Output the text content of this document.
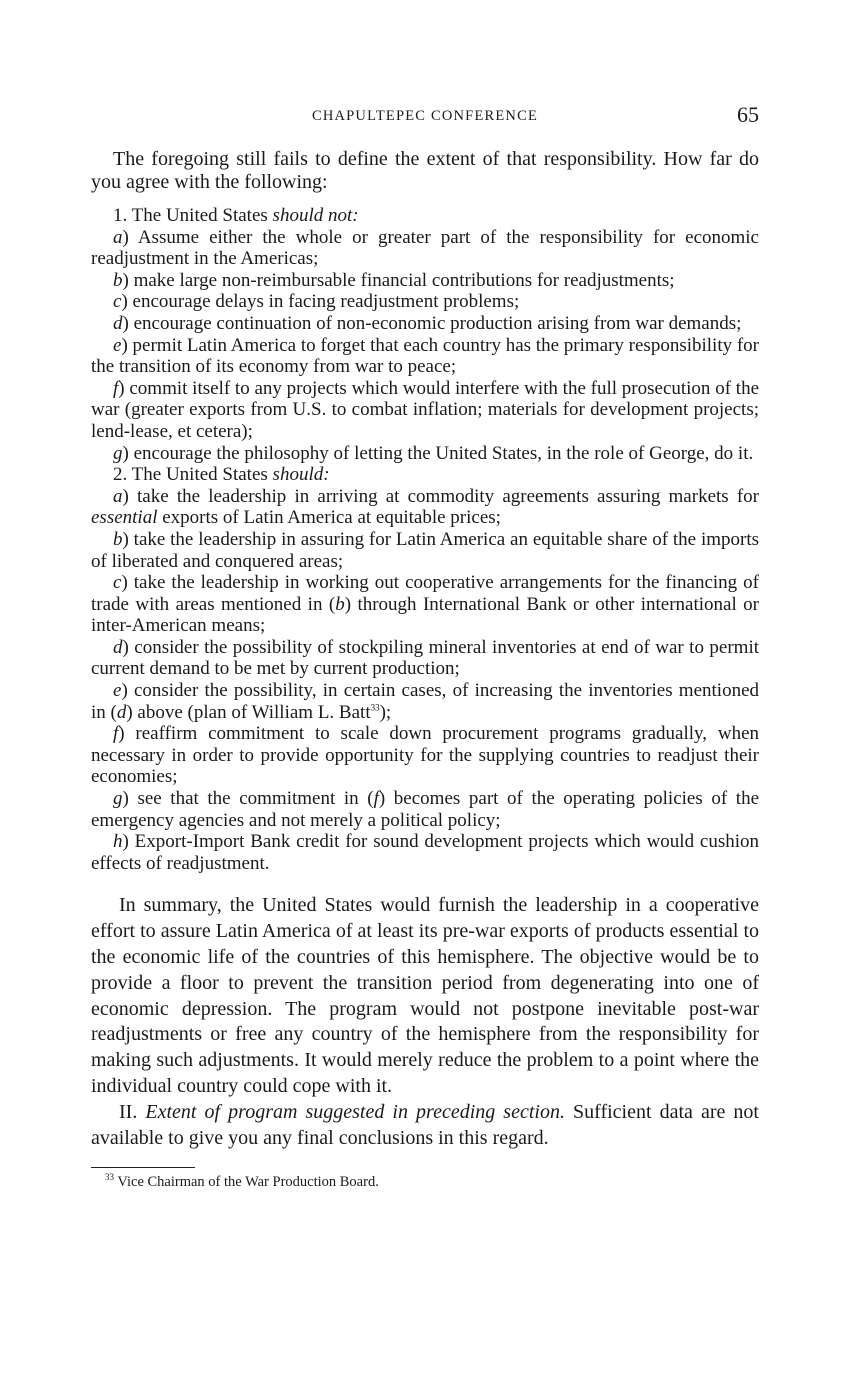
CHAPULTEPEC CONFERENCE	65

The foregoing still fails to define the extent of that responsibility. How far do you agree with the following:

1. The United States should not:

a) Assume either the whole or greater part of the responsibility for economic readjustment in the Americas;

b) make large non-reimbursable financial contributions for readjustments;

c) encourage delays in facing readjustment problems;

d) encourage continuation of non-economic production arising from war demands;

e) permit Latin America to forget that each country has the primary responsibility for the transition of its economy from war to peace;

f) commit itself to any projects which would interfere with the full prosecution of the war (greater exports from U.S. to combat inflation; materials for development projects; lend-lease, et cetera);

g) encourage the philosophy of letting the United States, in the role of George, do it.

2. The United States should:

a) take the leadership in arriving at commodity agreements assuring markets for essential exports of Latin America at equitable prices;

b) take the leadership in assuring for Latin America an equitable share of the imports of liberated and conquered areas;

c) take the leadership in working out cooperative arrangements for the financing of trade with areas mentioned in (b) through International Bank or other international or inter-American means;

d) consider the possibility of stockpiling mineral inventories at end of war to permit current demand to be met by current production;

e) consider the possibility, in certain cases, of increasing the inventories mentioned in (d) above (plan of William L. Batt$^{33}$);

f) reaffirm commitment to scale down procurement programs gradually, when necessary in order to provide opportunity for the supplying countries to readjust their economies;

g) see that the commitment in (f) becomes part of the operating policies of the emergency agencies and not merely a political policy;

h) Export-Import Bank credit for sound development projects which would cushion effects of readjustment.

In summary, the United States would furnish the leadership in a cooperative effort to assure Latin America of at least its pre-war exports of products essential to the economic life of the countries of this hemisphere. The objective would be to provide a floor to prevent the transition period from degenerating into one of economic depression. The program would not postpone inevitable post-war readjustments or free any country of the hemisphere from the responsibility for making such adjustments. It would merely reduce the problem to a point where the individual country could cope with it.

II. Extent of program suggested in preceding section. Sufficient data are not available to give you any final conclusions in this regard.

$^{33}$ Vice Chairman of the War Production Board.
